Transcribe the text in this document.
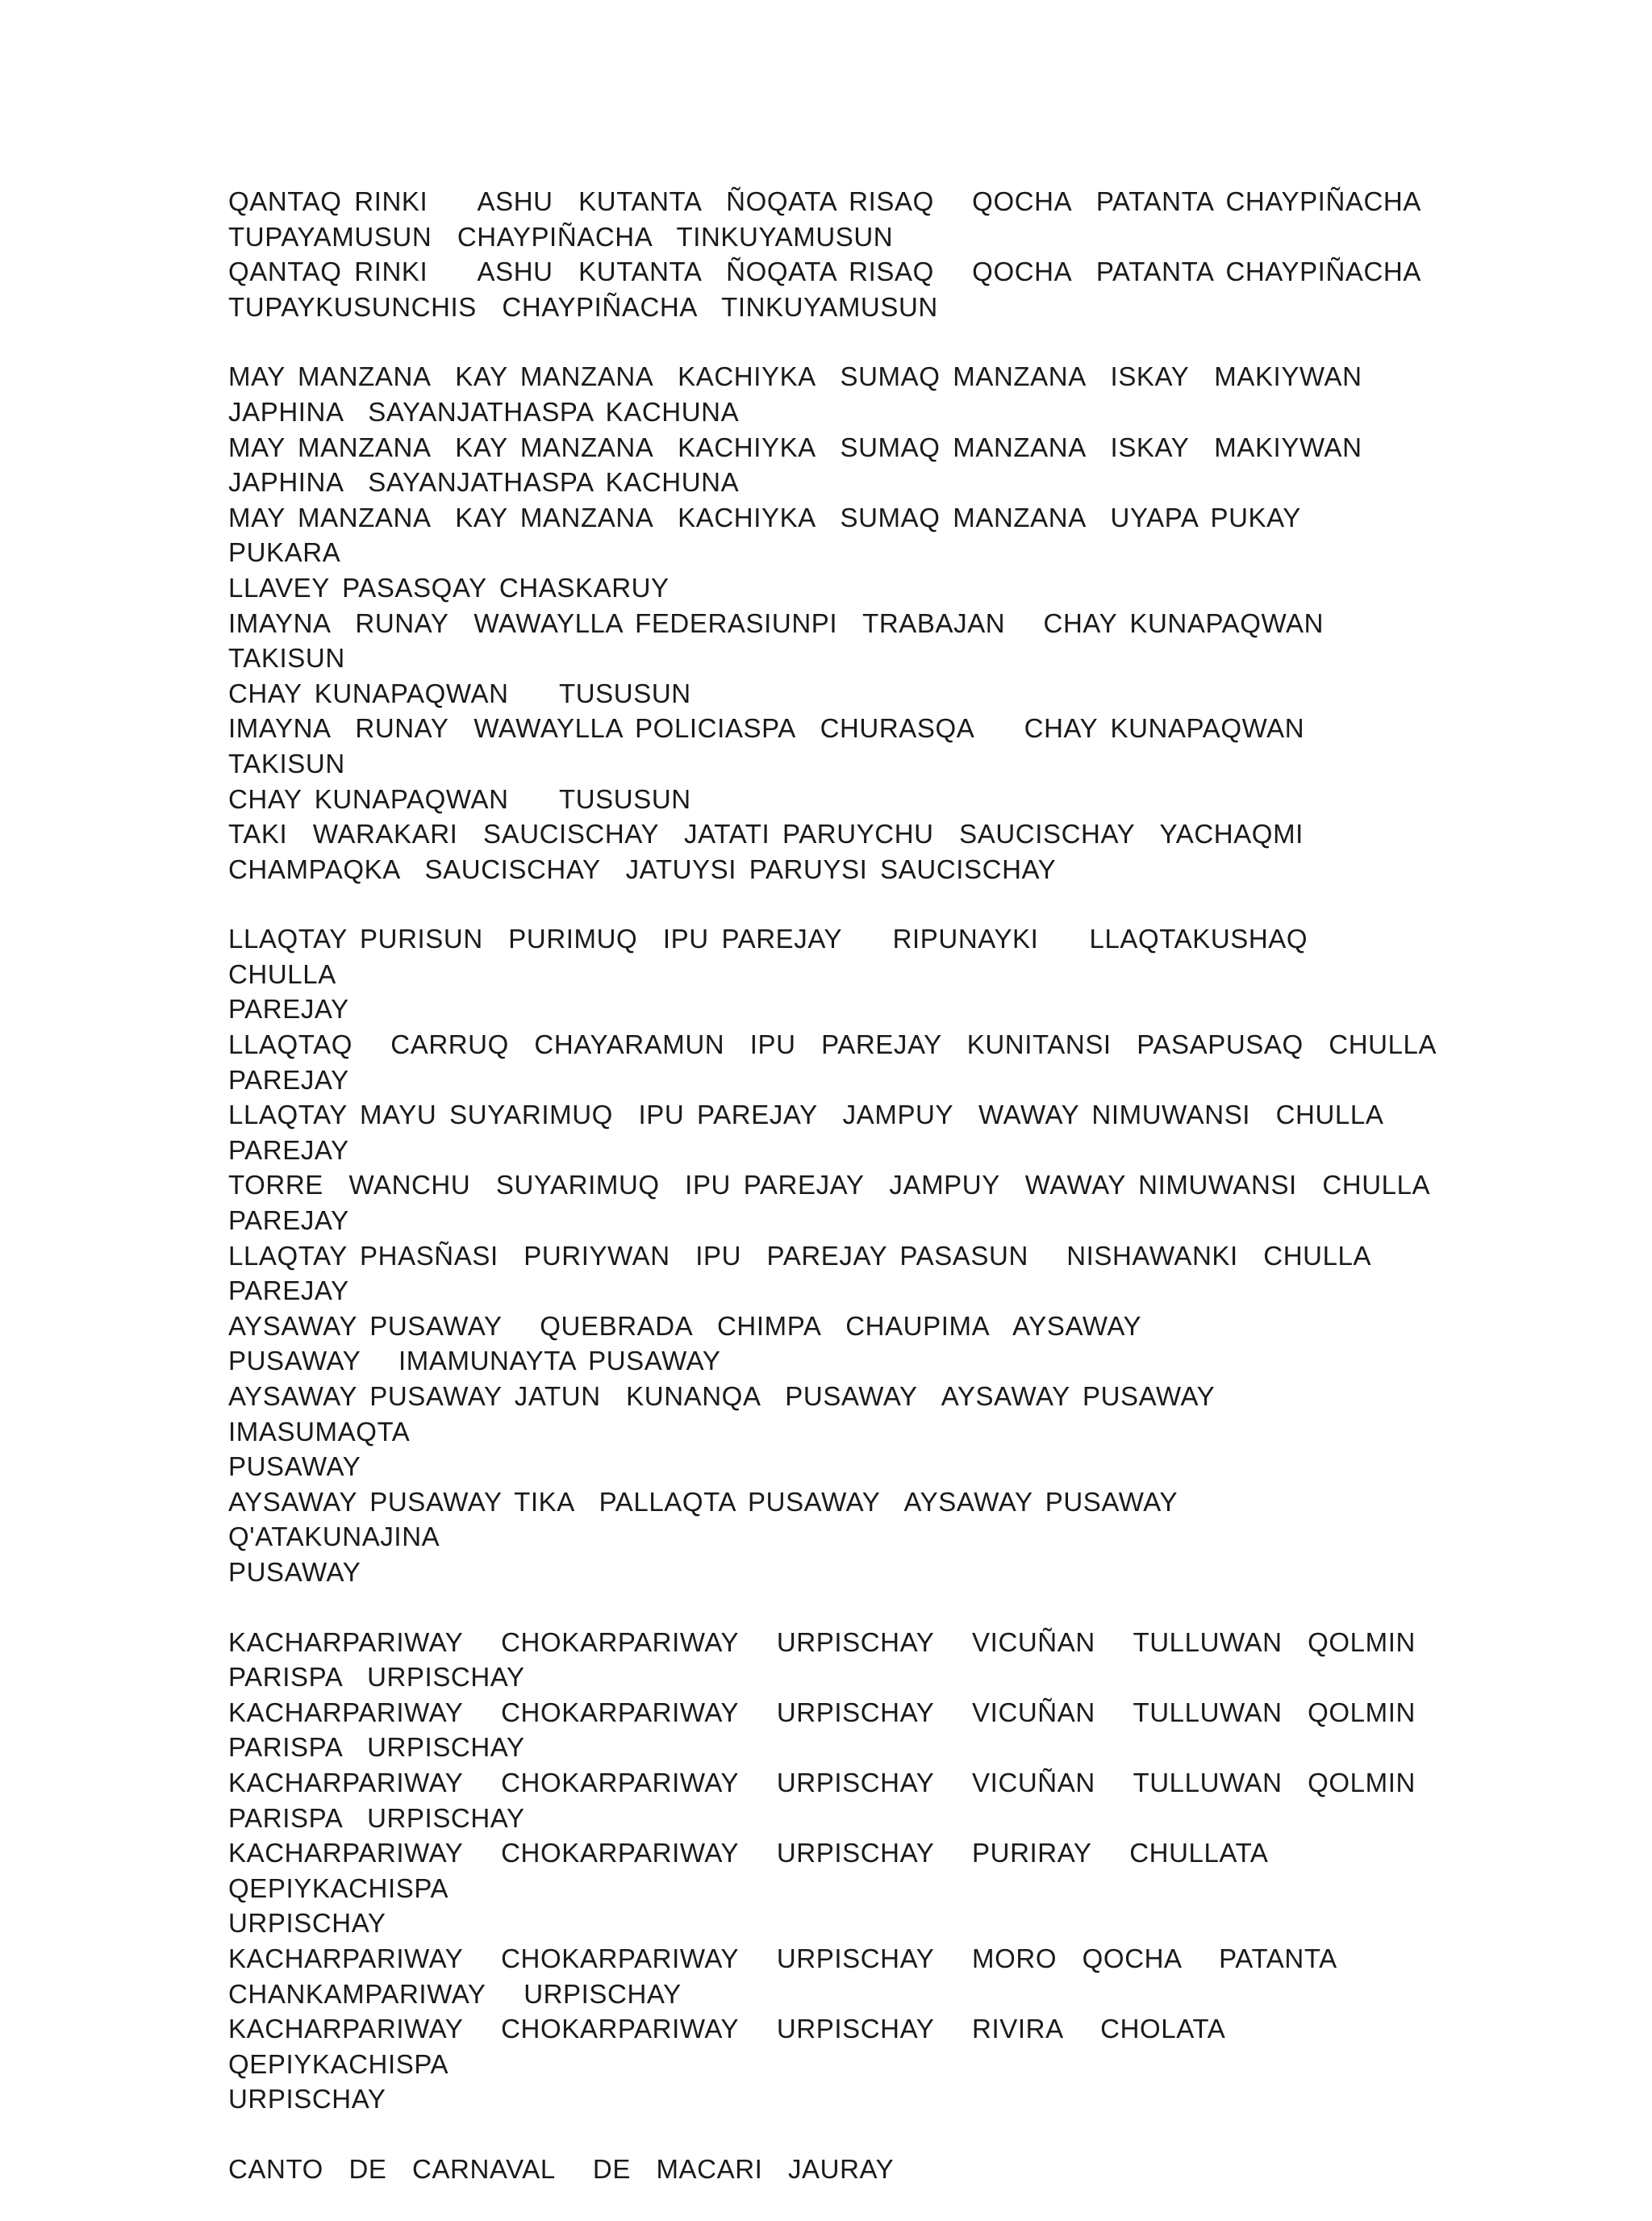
QANTAQ RINKI    ASHU  KUTANTA  ÑOQATA RISAQ   QOCHA  PATANTA CHAYPIÑACHA

TUPAYAMUSUN  CHAYPIÑACHA  TINKUYAMUSUN

QANTAQ RINKI    ASHU  KUTANTA  ÑOQATA RISAQ   QOCHA  PATANTA CHAYPIÑACHA

TUPAYKUSUNCHIS  CHAYPIÑACHA  TINKUYAMUSUN

MAY MANZANA  KAY MANZANA  KACHIYKA  SUMAQ MANZANA  ISKAY  MAKIYWAN

JAPHINA  SAYANJATHASPA KACHUNA

MAY MANZANA  KAY MANZANA  KACHIYKA  SUMAQ MANZANA  ISKAY  MAKIYWAN

JAPHINA  SAYANJATHASPA KACHUNA

MAY MANZANA  KAY MANZANA  KACHIYKA  SUMAQ MANZANA  UYAPA PUKAY  PUKARA

LLAVEY PASASQAY CHASKARUY

IMAYNA  RUNAY  WAWAYLLA FEDERASIUNPI  TRABAJAN   CHAY KUNAPAQWAN  TAKISUN

CHAY KUNAPAQWAN    TUSUSUN

IMAYNA  RUNAY  WAWAYLLA POLICIASPA  CHURASQA    CHAY KUNAPAQWAN  TAKISUN

CHAY KUNAPAQWAN    TUSUSUN

TAKI  WARAKARI  SAUCISCHAY  JATATI PARUYCHU  SAUCISCHAY  YACHAQMI

CHAMPAQKA  SAUCISCHAY  JATUYSI PARUYSI SAUCISCHAY

LLAQTAY PURISUN  PURIMUQ  IPU PAREJAY    RIPUNAYKI    LLAQTAKUSHAQ  CHULLA

PAREJAY

LLAQTAQ   CARRUQ  CHAYARAMUN  IPU  PAREJAY  KUNITANSI  PASAPUSAQ  CHULLA

PAREJAY

LLAQTAY MAYU SUYARIMUQ  IPU PAREJAY  JAMPUY  WAWAY NIMUWANSI  CHULLA

PAREJAY

TORRE  WANCHU  SUYARIMUQ  IPU PAREJAY  JAMPUY  WAWAY NIMUWANSI  CHULLA

PAREJAY

LLAQTAY PHASÑASI  PURIYWAN  IPU  PAREJAY PASASUN   NISHAWANKI  CHULLA

PAREJAY

AYSAWAY PUSAWAY   QUEBRADA  CHIMPA  CHAUPIMA  AYSAWAY

PUSAWAY   IMAMUNAYTA PUSAWAY

AYSAWAY PUSAWAY JATUN  KUNANQA  PUSAWAY  AYSAWAY PUSAWAY    IMASUMAQTA

PUSAWAY

AYSAWAY PUSAWAY TIKA  PALLAQTA PUSAWAY  AYSAWAY PUSAWAY     Q'ATAKUNAJINA

PUSAWAY

KACHARPARIWAY   CHOKARPARIWAY   URPISCHAY   VICUÑAN   TULLUWAN  QOLMIN

PARISPA  URPISCHAY

KACHARPARIWAY   CHOKARPARIWAY   URPISCHAY   VICUÑAN   TULLUWAN  QOLMIN

PARISPA  URPISCHAY

KACHARPARIWAY   CHOKARPARIWAY   URPISCHAY   VICUÑAN   TULLUWAN  QOLMIN

PARISPA  URPISCHAY

KACHARPARIWAY   CHOKARPARIWAY   URPISCHAY   PURIRAY   CHULLATA  QEPIYKACHISPA

URPISCHAY

KACHARPARIWAY   CHOKARPARIWAY   URPISCHAY   MORO  QOCHA   PATANTA

CHANKAMPARIWAY   URPISCHAY

KACHARPARIWAY   CHOKARPARIWAY   URPISCHAY   RIVIRA   CHOLATA  QEPIYKACHISPA

URPISCHAY

CANTO  DE  CARNAVAL   DE  MACARI  JAURAY
